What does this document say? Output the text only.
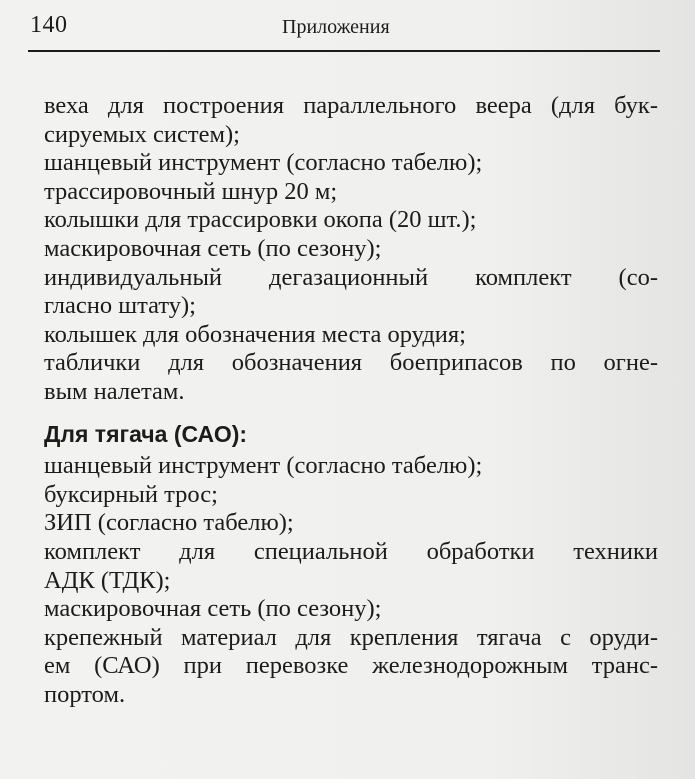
140	Приложения
веха для построения параллельного веера (для бук-
сируемых систем);
шанцевый инструмент (согласно табелю);
трассировочный шнур 20 м;
колышки для трассировки окопа (20 шт.);
маскировочная сеть (по сезону);
индивидуальный дегазационный комплект (со-
гласно штату);
колышек для обозначения места орудия;
таблички для обозначения боеприпасов по огне-
вым налетам.
Для тягача (САО):
шанцевый инструмент (согласно табелю);
буксирный трос;
ЗИП (согласно табелю);
комплект для специальной обработки техники
АДК (ТДК);
маскировочная сеть (по сезону);
крепежный материал для крепления тягача с оруди-
ем (САО) при перевозке железнодорожным транс-
портом.
